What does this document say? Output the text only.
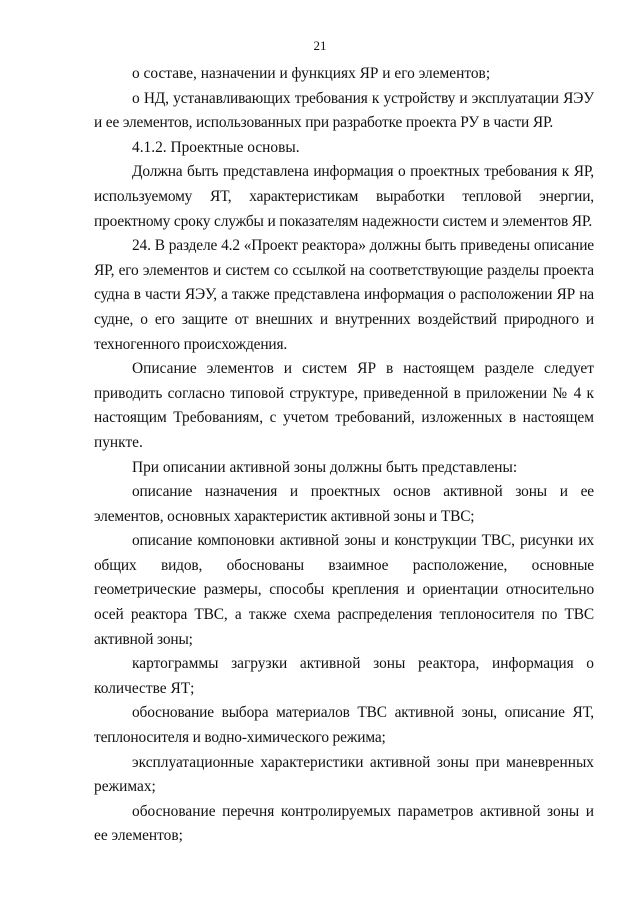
21

о составе, назначении и функциях ЯР и его элементов;

о НД, устанавливающих требования к устройству и эксплуатации ЯЭУ и ее элементов, использованных при разработке проекта РУ в части ЯР.

4.1.2. Проектные основы.

Должна быть представлена информация о проектных требования к ЯР, используемому ЯТ, характеристикам выработки тепловой энергии, проектному сроку службы и показателям надежности систем и элементов ЯР.

24. В разделе 4.2 «Проект реактора» должны быть приведены описание ЯР, его элементов и систем со ссылкой на соответствующие разделы проекта судна в части ЯЭУ, а также представлена информация о расположении ЯР на судне, о его защите от внешних и внутренних воздействий природного и техногенного происхождения.

Описание элементов и систем ЯР в настоящем разделе следует приводить согласно типовой структуре, приведенной в приложении № 4 к настоящим Требованиям, с учетом требований, изложенных в настоящем пункте.

При описании активной зоны должны быть представлены:

описание назначения и проектных основ активной зоны и ее элементов, основных характеристик активной зоны и ТВС;

описание компоновки активной зоны и конструкции ТВС, рисунки их общих видов, обоснованы взаимное расположение, основные геометрические размеры, способы крепления и ориентации относительно осей реактора ТВС, а также схема распределения теплоносителя по ТВС активной зоны;

картограммы загрузки активной зоны реактора, информация о количестве ЯТ;

обоснование выбора материалов ТВС активной зоны, описание ЯТ, теплоносителя и водно-химического режима;

эксплуатационные характеристики активной зоны при маневренных режимах;

обоснование перечня контролируемых параметров активной зоны и ее элементов;
